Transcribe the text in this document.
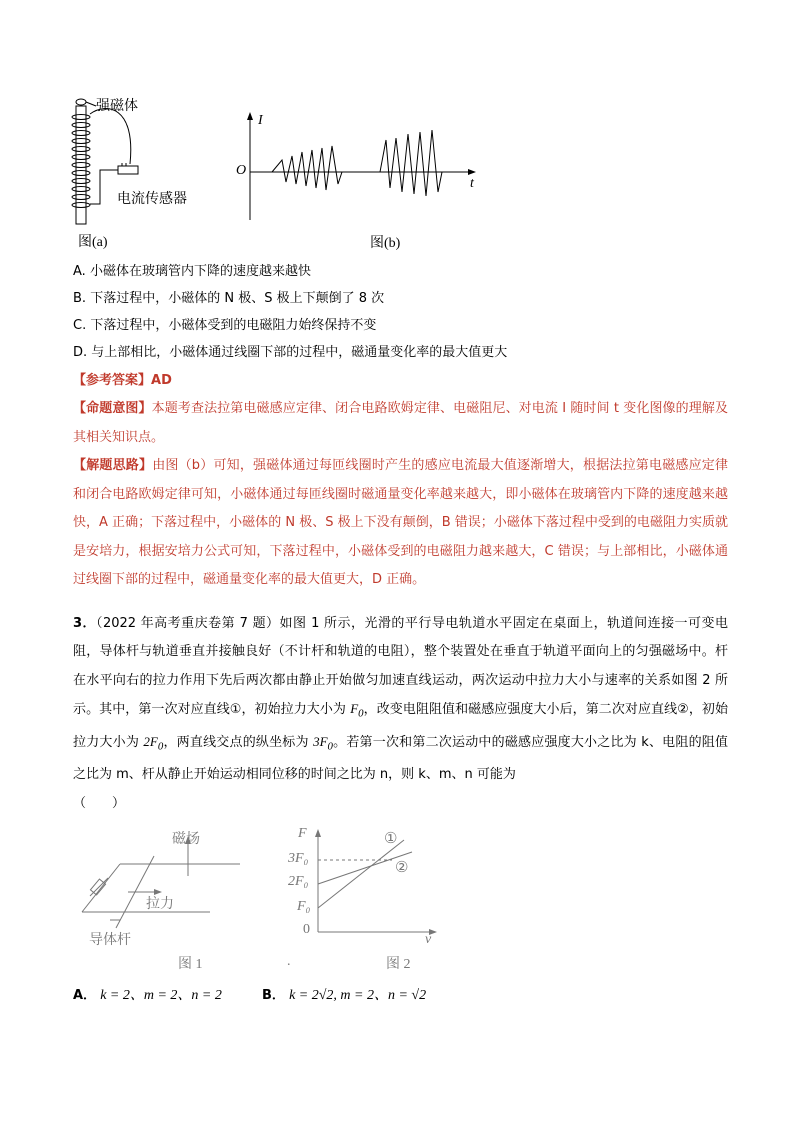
强磁体
电流传感器
图(a)
I
t
O
图(b)
A. 小磁体在玻璃管内下降的速度越来越快
B. 下落过程中，小磁体的 N 极、S 极上下颠倒了 8 次
C. 下落过程中，小磁体受到的电磁阻力始终保持不变
D. 与上部相比，小磁体通过线圈下部的过程中，磁通量变化率的最大值更大
【参考答案】AD
【命题意图】本题考查法拉第电磁感应定律、闭合电路欧姆定律、电磁阻尼、对电流 I 随时间 t 变化图像的理解及其相关知识点。
【解题思路】由图（b）可知，强磁体通过每匝线圈时产生的感应电流最大值逐渐增大，根据法拉第电磁感应定律和闭合电路欧姆定律可知，小磁体通过每匝线圈时磁通量变化率越来越大，即小磁体在玻璃管内下降的速度越来越快，A 正确；下落过程中，小磁体的 N 极、S 极上下没有颠倒，B 错误；小磁体下落过程中受到的电磁阻力实质就是安培力，根据安培力公式可知，下落过程中，小磁体受到的电磁阻力越来越大，C 错误；与上部相比，小磁体通过线圈下部的过程中，磁通量变化率的最大值更大，D 正确。
3．（2022 年高考重庆卷第 7 题）如图 1 所示，光滑的平行导电轨道水平固定在桌面上，轨道间连接一可变电阻，导体杆与轨道垂直并接触良好（不计杆和轨道的电阻），整个装置处在垂直于轨道平面向上的匀强磁场中。杆在水平向右的拉力作用下先后两次都由静止开始做匀加速直线运动，两次运动中拉力大小与速率的关系如图 2 所示。其中，第一次对应直线①，初始拉力大小为 $F_0$，改变电阻阻值和磁感应强度大小后，第二次对应直线②，初始拉力大小为 $2F_0$，两直线交点的纵坐标为 $3F_0$。若第一次和第二次运动中的磁感应强度大小之比为 k、电阻的阻值之比为 m、杆从静止开始运动相同位移的时间之比为 n，则 k、m、n 可能为
（　　）
磁场
拉力
导体杆
图 1
F
v
0
3F₀
2F₀
F₀
①
②
图 2
.
A． k = 2、m = 2、n = 2	B． k = 2√2, m = 2、n = √2
